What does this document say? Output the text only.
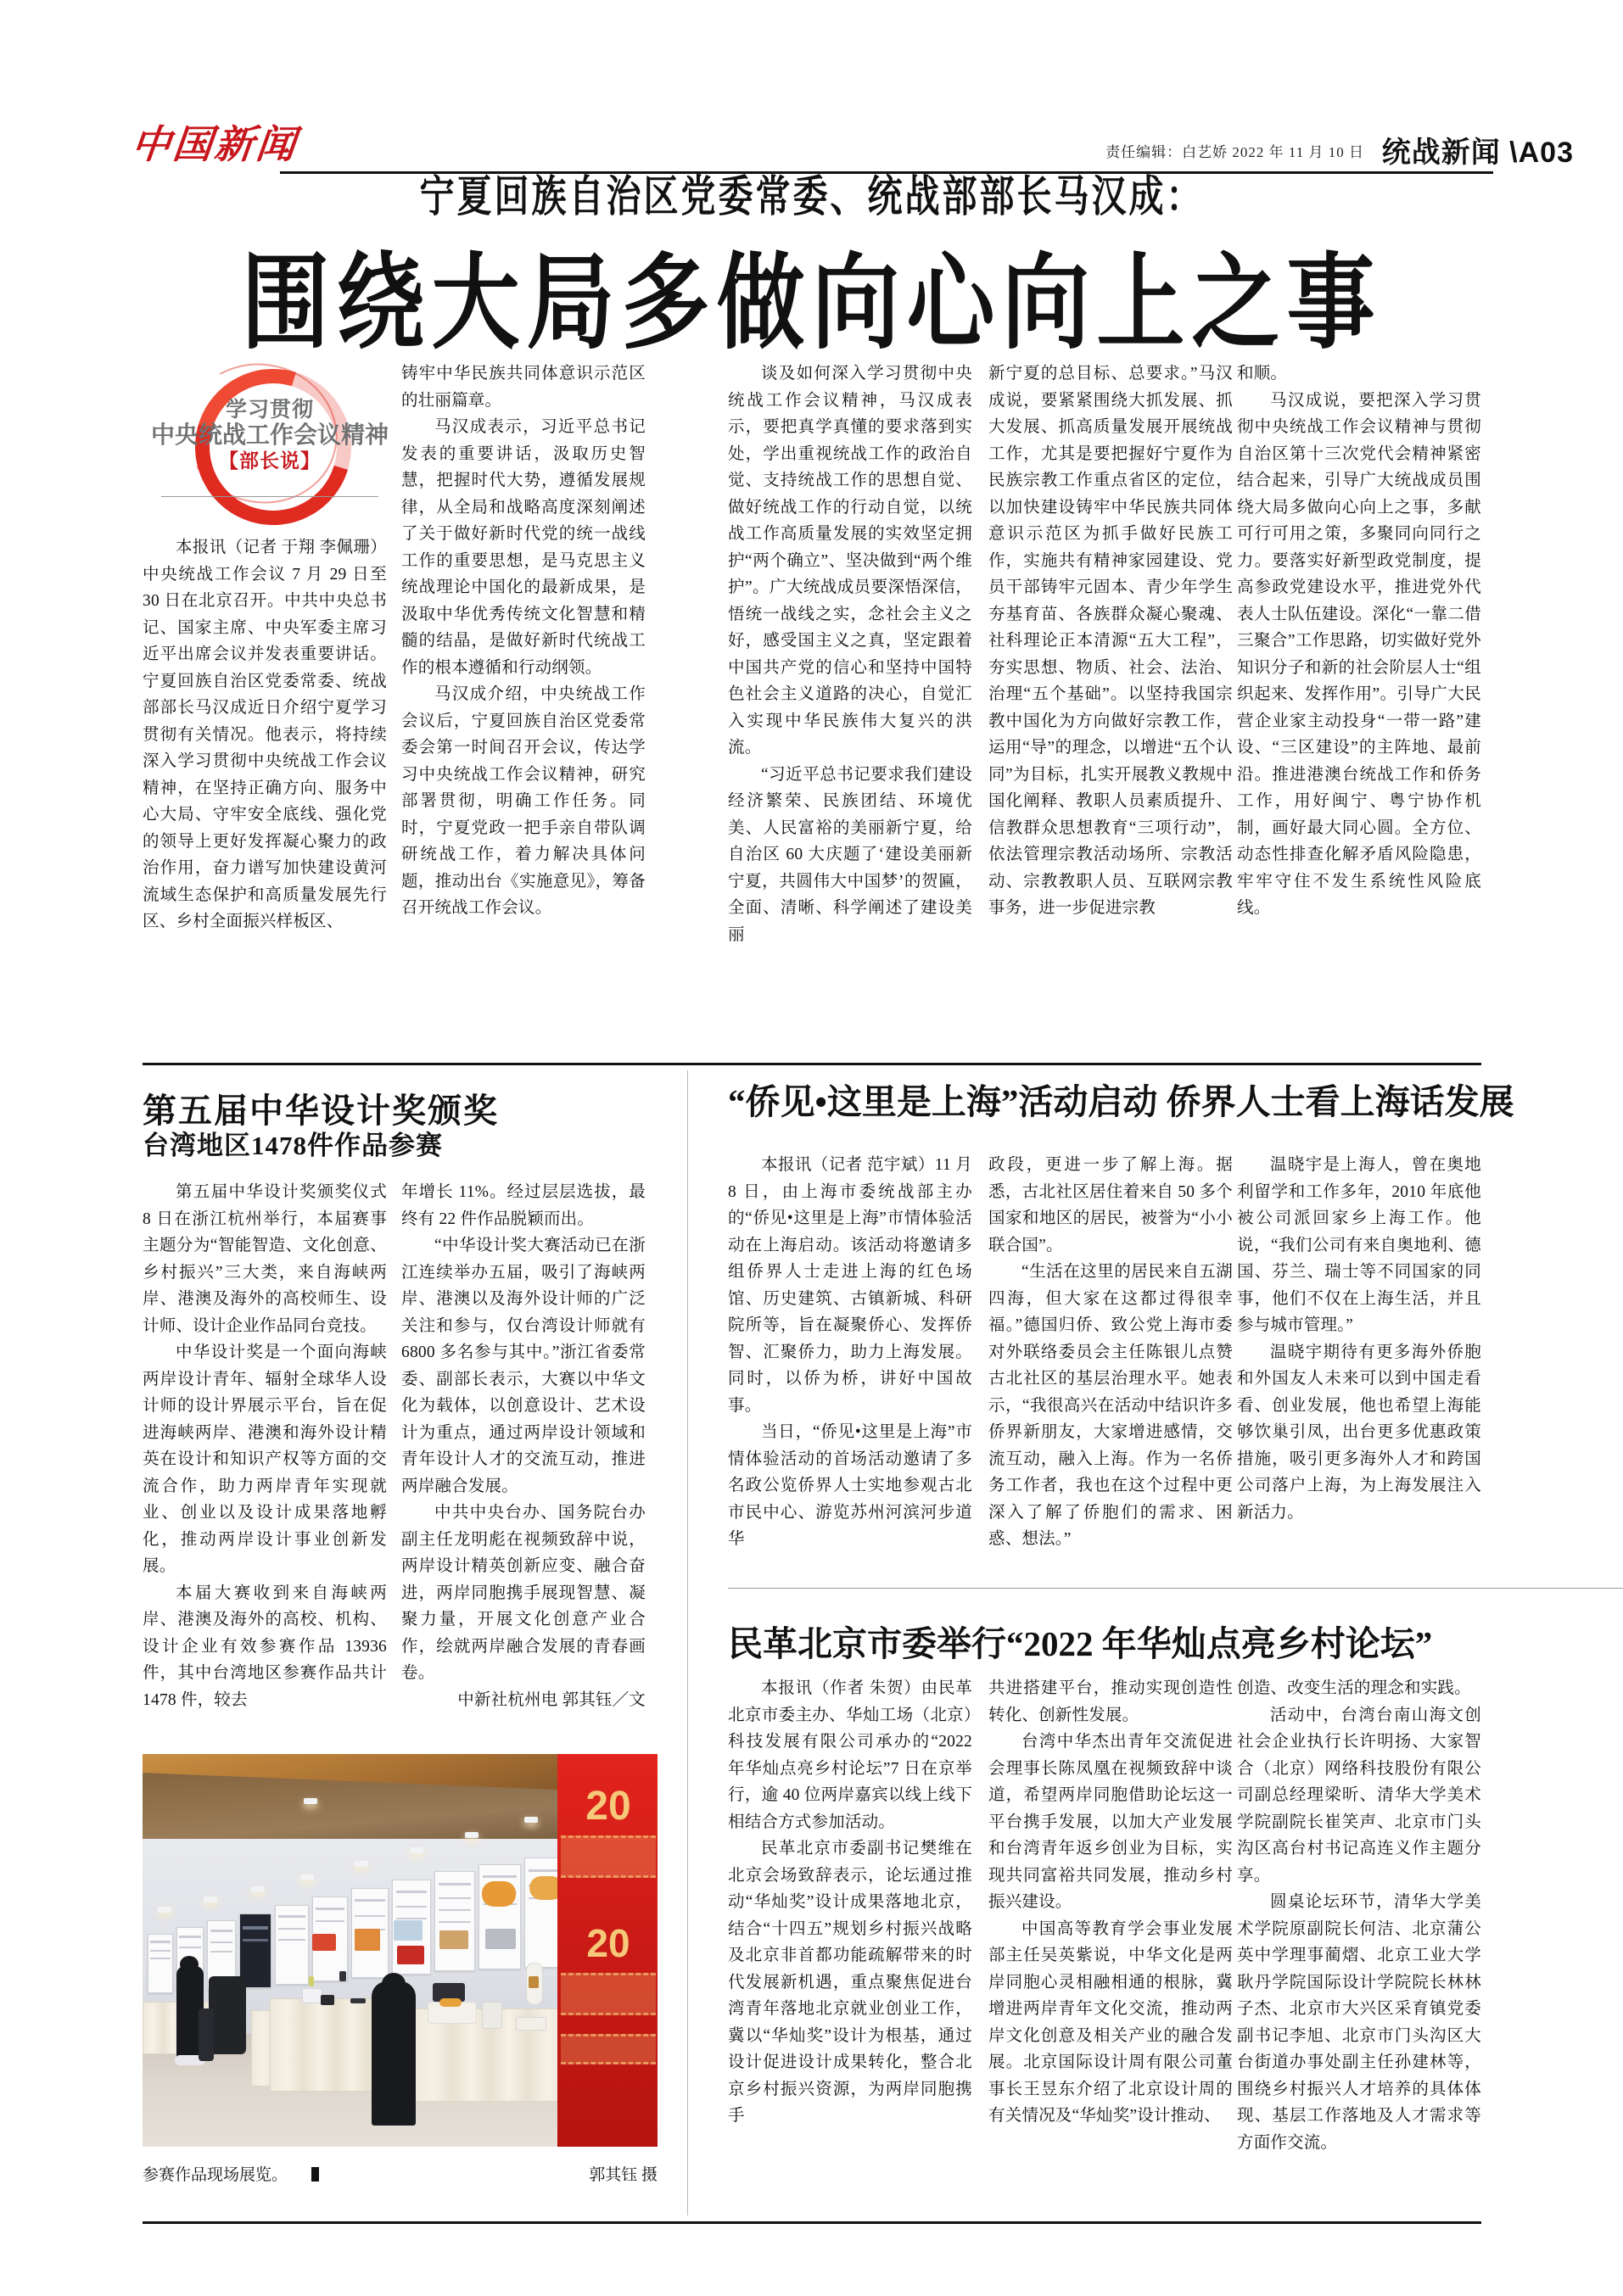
中国新闻	责任编辑：白艺娇 2022 年 11 月 10 日 统战新闻 \A03
宁夏回族自治区党委常委、统战部部长马汉成：
围绕大局多做向心向上之事
学习贯彻
中央统战工作会议精神
【部长说】

本报讯（记者 于翔 李佩珊）中央统战工作会议 7 月 29 日至 30 日在北京召开。中共中央总书记、国家主席、中央军委主席习近平出席会议并发表重要讲话。宁夏回族自治区党委常委、统战部部长马汉成近日介绍宁夏学习贯彻有关情况。他表示，将持续深入学习贯彻中央统战工作会议精神，在坚持正确方向、服务中心大局、守牢安全底线、强化党的领导上更好发挥凝心聚力的政治作用，奋力谱写加快建设黄河流域生态保护和高质量发展先行区、乡村全面振兴样板区、

铸牢中华民族共同体意识示范区的壮丽篇章。

马汉成表示，习近平总书记发表的重要讲话，汲取历史智慧，把握时代大势，遵循发展规律，从全局和战略高度深刻阐述了关于做好新时代党的统一战线工作的重要思想，是马克思主义统战理论中国化的最新成果，是汲取中华优秀传统文化智慧和精髓的结晶，是做好新时代统战工作的根本遵循和行动纲领。

马汉成介绍，中央统战工作会议后，宁夏回族自治区党委常委会第一时间召开会议，传达学习中央统战工作会议精神，研究部署贯彻，明确工作任务。同时，宁夏党政一把手亲自带队调研统战工作，着力解决具体问题，推动出台《实施意见》，筹备召开统战工作会议。

谈及如何深入学习贯彻中央统战工作会议精神，马汉成表示，要把真学真懂的要求落到实处，学出重视统战工作的政治自觉、支持统战工作的思想自觉、做好统战工作的行动自觉，以统战工作高质量发展的实效坚定拥护“两个确立”、坚决做到“两个维护”。广大统战成员要深悟深信，悟统一战线之实，念社会主义之好，感受国主义之真，坚定跟着中国共产党的信心和坚持中国特色社会主义道路的决心，自觉汇入实现中华民族伟大复兴的洪流。

“习近平总书记要求我们建设经济繁荣、民族团结、环境优美、人民富裕的美丽新宁夏，给自治区 60 大庆题了‘建设美丽新宁夏，共圆伟大中国梦’的贺匾，全面、清晰、科学阐述了建设美丽

新宁夏的总目标、总要求。”马汉成说，要紧紧围绕大抓发展、抓大发展、抓高质量发展开展统战工作，尤其是要把握好宁夏作为民族宗教工作重点省区的定位，以加快建设铸牢中华民族共同体意识示范区为抓手做好民族工作，实施共有精神家园建设、党员干部铸牢元固本、青少年学生夯基育苗、各族群众凝心聚魂、社科理论正本清源“五大工程”，夯实思想、物质、社会、法治、治理“五个基础”。以坚持我国宗教中国化为方向做好宗教工作，运用“导”的理念，以增进“五个认同”为目标，扎实开展教义教规中国化阐释、教职人员素质提升、信教群众思想教育“三项行动”，依法管理宗教活动场所、宗教活动、宗教教职人员、互联网宗教事务，进一步促进宗教

和顺。

马汉成说，要把深入学习贯彻中央统战工作会议精神与贯彻自治区第十三次党代会精神紧密结合起来，引导广大统战成员围绕大局多做向心向上之事，多献可行可用之策，多聚同向同行之力。要落实好新型政党制度，提高参政党建设水平，推进党外代表人士队伍建设。深化“一靠二借三聚合”工作思路，切实做好党外知识分子和新的社会阶层人士“组织起来、发挥作用”。引导广大民营企业家主动投身“一带一路”建设、“三区建设”的主阵地、最前沿。推进港澳台统战工作和侨务工作，用好闽宁、粤宁协作机制，画好最大同心圆。全方位、动态性排查化解矛盾风险隐患，牢牢守住不发生系统性风险底线。

第五届中华设计奖颁奖
台湾地区1478件作品参赛

第五届中华设计奖颁奖仪式 8 日在浙江杭州举行，本届赛事主题分为“智能智造、文化创意、乡村振兴”三大类，来自海峡两岸、港澳及海外的高校师生、设计师、设计企业作品同台竞技。

中华设计奖是一个面向海峡两岸设计青年、辐射全球华人设计师的设计界展示平台，旨在促进海峡两岸、港澳和海外设计精英在设计和知识产权等方面的交流合作，助力两岸青年实现就业、创业以及设计成果落地孵化，推动两岸设计事业创新发展。

本届大赛收到来自海峡两岸、港澳及海外的高校、机构、设计企业有效参赛作品 13936 件，其中台湾地区参赛作品共计 1478 件，较去

年增长 11%。经过层层选拔，最终有 22 件作品脱颖而出。

“中华设计奖大赛活动已在浙江连续举办五届，吸引了海峡两岸、港澳以及海外设计师的广泛关注和参与，仅台湾设计师就有 6800 多名参与其中。”浙江省委常委、副部长表示，大赛以中华文化为载体，以创意设计、艺术设计为重点，通过两岸设计领域和青年设计人才的交流互动，推进两岸融合发展。

中共中央台办、国务院台办副主任龙明彪在视频致辞中说，两岸设计精英创新应变、融合奋进，两岸同胞携手展现智慧、凝聚力量，开展文化创意产业合作，绘就两岸融合发展的青春画卷。

中新社杭州电 郭其钰／文

20
20
参赛作品现场展览。	郭其钰 摄
“侨见•这里是上海”活动启动 侨界人士看上海话发展

本报讯（记者 范宇斌）11 月 8 日，由上海市委统战部主办的“侨见•这里是上海”市情体验活动在上海启动。该活动将邀请多组侨界人士走进上海的红色场馆、历史建筑、古镇新城、科研院所等，旨在凝聚侨心、发挥侨智、汇聚侨力，助力上海发展。同时，以侨为桥，讲好中国故事。

当日，“侨见•这里是上海”市情体验活动的首场活动邀请了多名政公览侨界人士实地参观古北市民中心、游览苏州河滨河步道华

政段，更进一步了解上海。据悉，古北社区居住着来自 50 多个国家和地区的居民，被誉为“小小联合国”。

“生活在这里的居民来自五湖四海，但大家在这都过得很幸福。”德国归侨、致公党上海市委对外联络委员会主任陈银儿点赞古北社区的基层治理水平。她表示，“我很高兴在活动中结识许多侨界新朋友，大家增进感情，交流互动，融入上海。作为一名侨务工作者，我也在这个过程中更深入了解了侨胞们的需求、困惑、想法。”

温晓宇是上海人，曾在奥地利留学和工作多年，2010 年底他被公司派回家乡上海工作。他说，“我们公司有来自奥地利、德国、芬兰、瑞士等不同国家的同事，他们不仅在上海生活，并且参与城市管理。”

温晓宇期待有更多海外侨胞和外国友人未来可以到中国走看看、创业发展，他也希望上海能够饮巢引凤，出台更多优惠政策措施，吸引更多海外人才和跨国公司落户上海，为上海发展注入新活力。

民革北京市委举行“2022 年华灿点亮乡村论坛”

本报讯（作者 朱贺）由民革北京市委主办、华灿工场（北京）科技发展有限公司承办的“2022 年华灿点亮乡村论坛”7 日在京举行，逾 40 位两岸嘉宾以线上线下相结合方式参加活动。

民革北京市委副书记樊维在北京会场致辞表示，论坛通过推动“华灿奖”设计成果落地北京，结合“十四五”规划乡村振兴战略及北京非首都功能疏解带来的时代发展新机遇，重点聚焦促进台湾青年落地北京就业创业工作，冀以“华灿奖”设计为根基，通过设计促进设计成果转化，整合北京乡村振兴资源，为两岸同胞携手

共进搭建平台，推动实现创造性转化、创新性发展。

台湾中华杰出青年交流促进会理事长陈凤凰在视频致辞中谈道，希望两岸同胞借助论坛这一平台携手发展，以加大产业发展和台湾青年返乡创业为目标，实现共同富裕共同发展，推动乡村振兴建设。

中国高等教育学会事业发展部主任吴英紫说，中华文化是两岸同胞心灵相融相通的根脉，冀增进两岸青年文化交流，推动两岸文化创意及相关产业的融合发展。北京国际设计周有限公司董事长王昱东介绍了北京设计周的有关情况及“华灿奖”设计推动、

创造、改变生活的理念和实践。

活动中，台湾台南山海文创社会企业执行长许明扬、大家智合（北京）网络科技股份有限公司副总经理梁昕、清华大学美术学院副院长崔笑声、北京市门头沟区高台村书记高连义作主题分享。

圆桌论坛环节，清华大学美术学院原副院长何洁、北京蒲公英中学理事蔺熠、北京工业大学耿丹学院国际设计学院院长林林子杰、北京市大兴区采育镇党委副书记李旭、北京市门头沟区大台街道办事处副主任孙建林等，围绕乡村振兴人才培养的具体体现、基层工作落地及人才需求等方面作交流。
